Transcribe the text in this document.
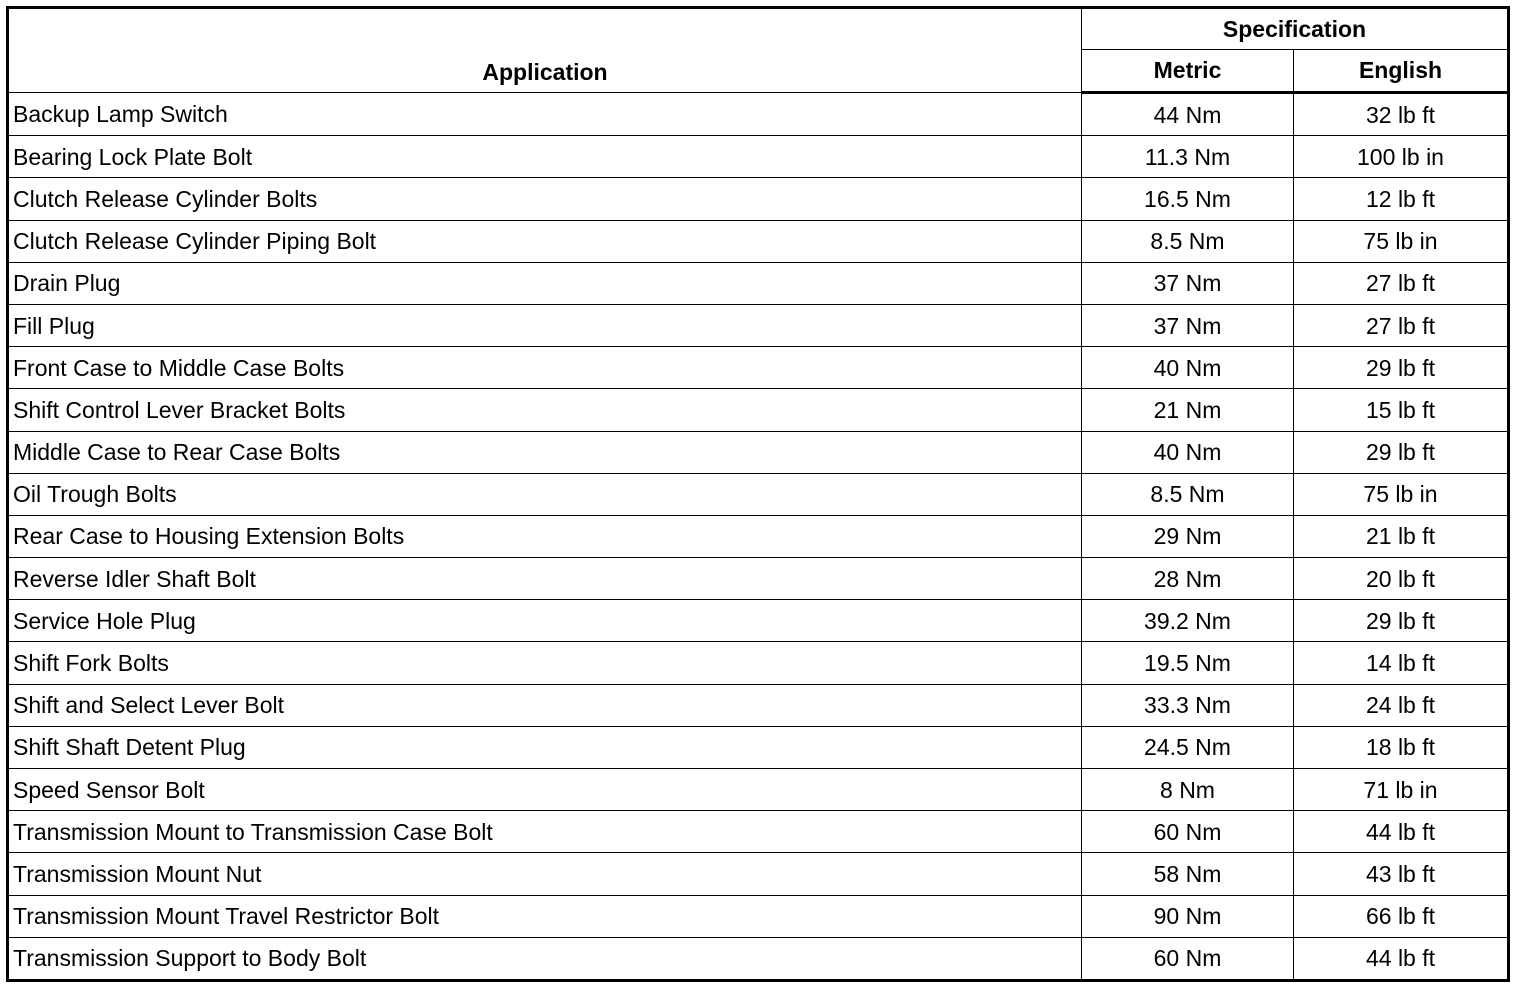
Application	Specification	
	Metric	English
Backup Lamp Switch	44 Nm	32 lb ft
Bearing Lock Plate Bolt	11.3 Nm	100 lb in
Clutch Release Cylinder Bolts	16.5 Nm	12 lb ft
Clutch Release Cylinder Piping Bolt	8.5 Nm	75 lb in
Drain Plug	37 Nm	27 lb ft
Fill Plug	37 Nm	27 lb ft
Front Case to Middle Case Bolts	40 Nm	29 lb ft
Shift Control Lever Bracket Bolts	21 Nm	15 lb ft
Middle Case to Rear Case Bolts	40 Nm	29 lb ft
Oil Trough Bolts	8.5 Nm	75 lb in
Rear Case to Housing Extension Bolts	29 Nm	21 lb ft
Reverse Idler Shaft Bolt	28 Nm	20 lb ft
Service Hole Plug	39.2 Nm	29 lb ft
Shift Fork Bolts	19.5 Nm	14 lb ft
Shift and Select Lever Bolt	33.3 Nm	24 lb ft
Shift Shaft Detent Plug	24.5 Nm	18 lb ft
Speed Sensor Bolt	8 Nm	71 lb in
Transmission Mount to Transmission Case Bolt	60 Nm	44 lb ft
Transmission Mount Nut	58 Nm	43 lb ft
Transmission Mount Travel Restrictor Bolt	90 Nm	66 lb ft
Transmission Support to Body Bolt	60 Nm	44 lb ft
